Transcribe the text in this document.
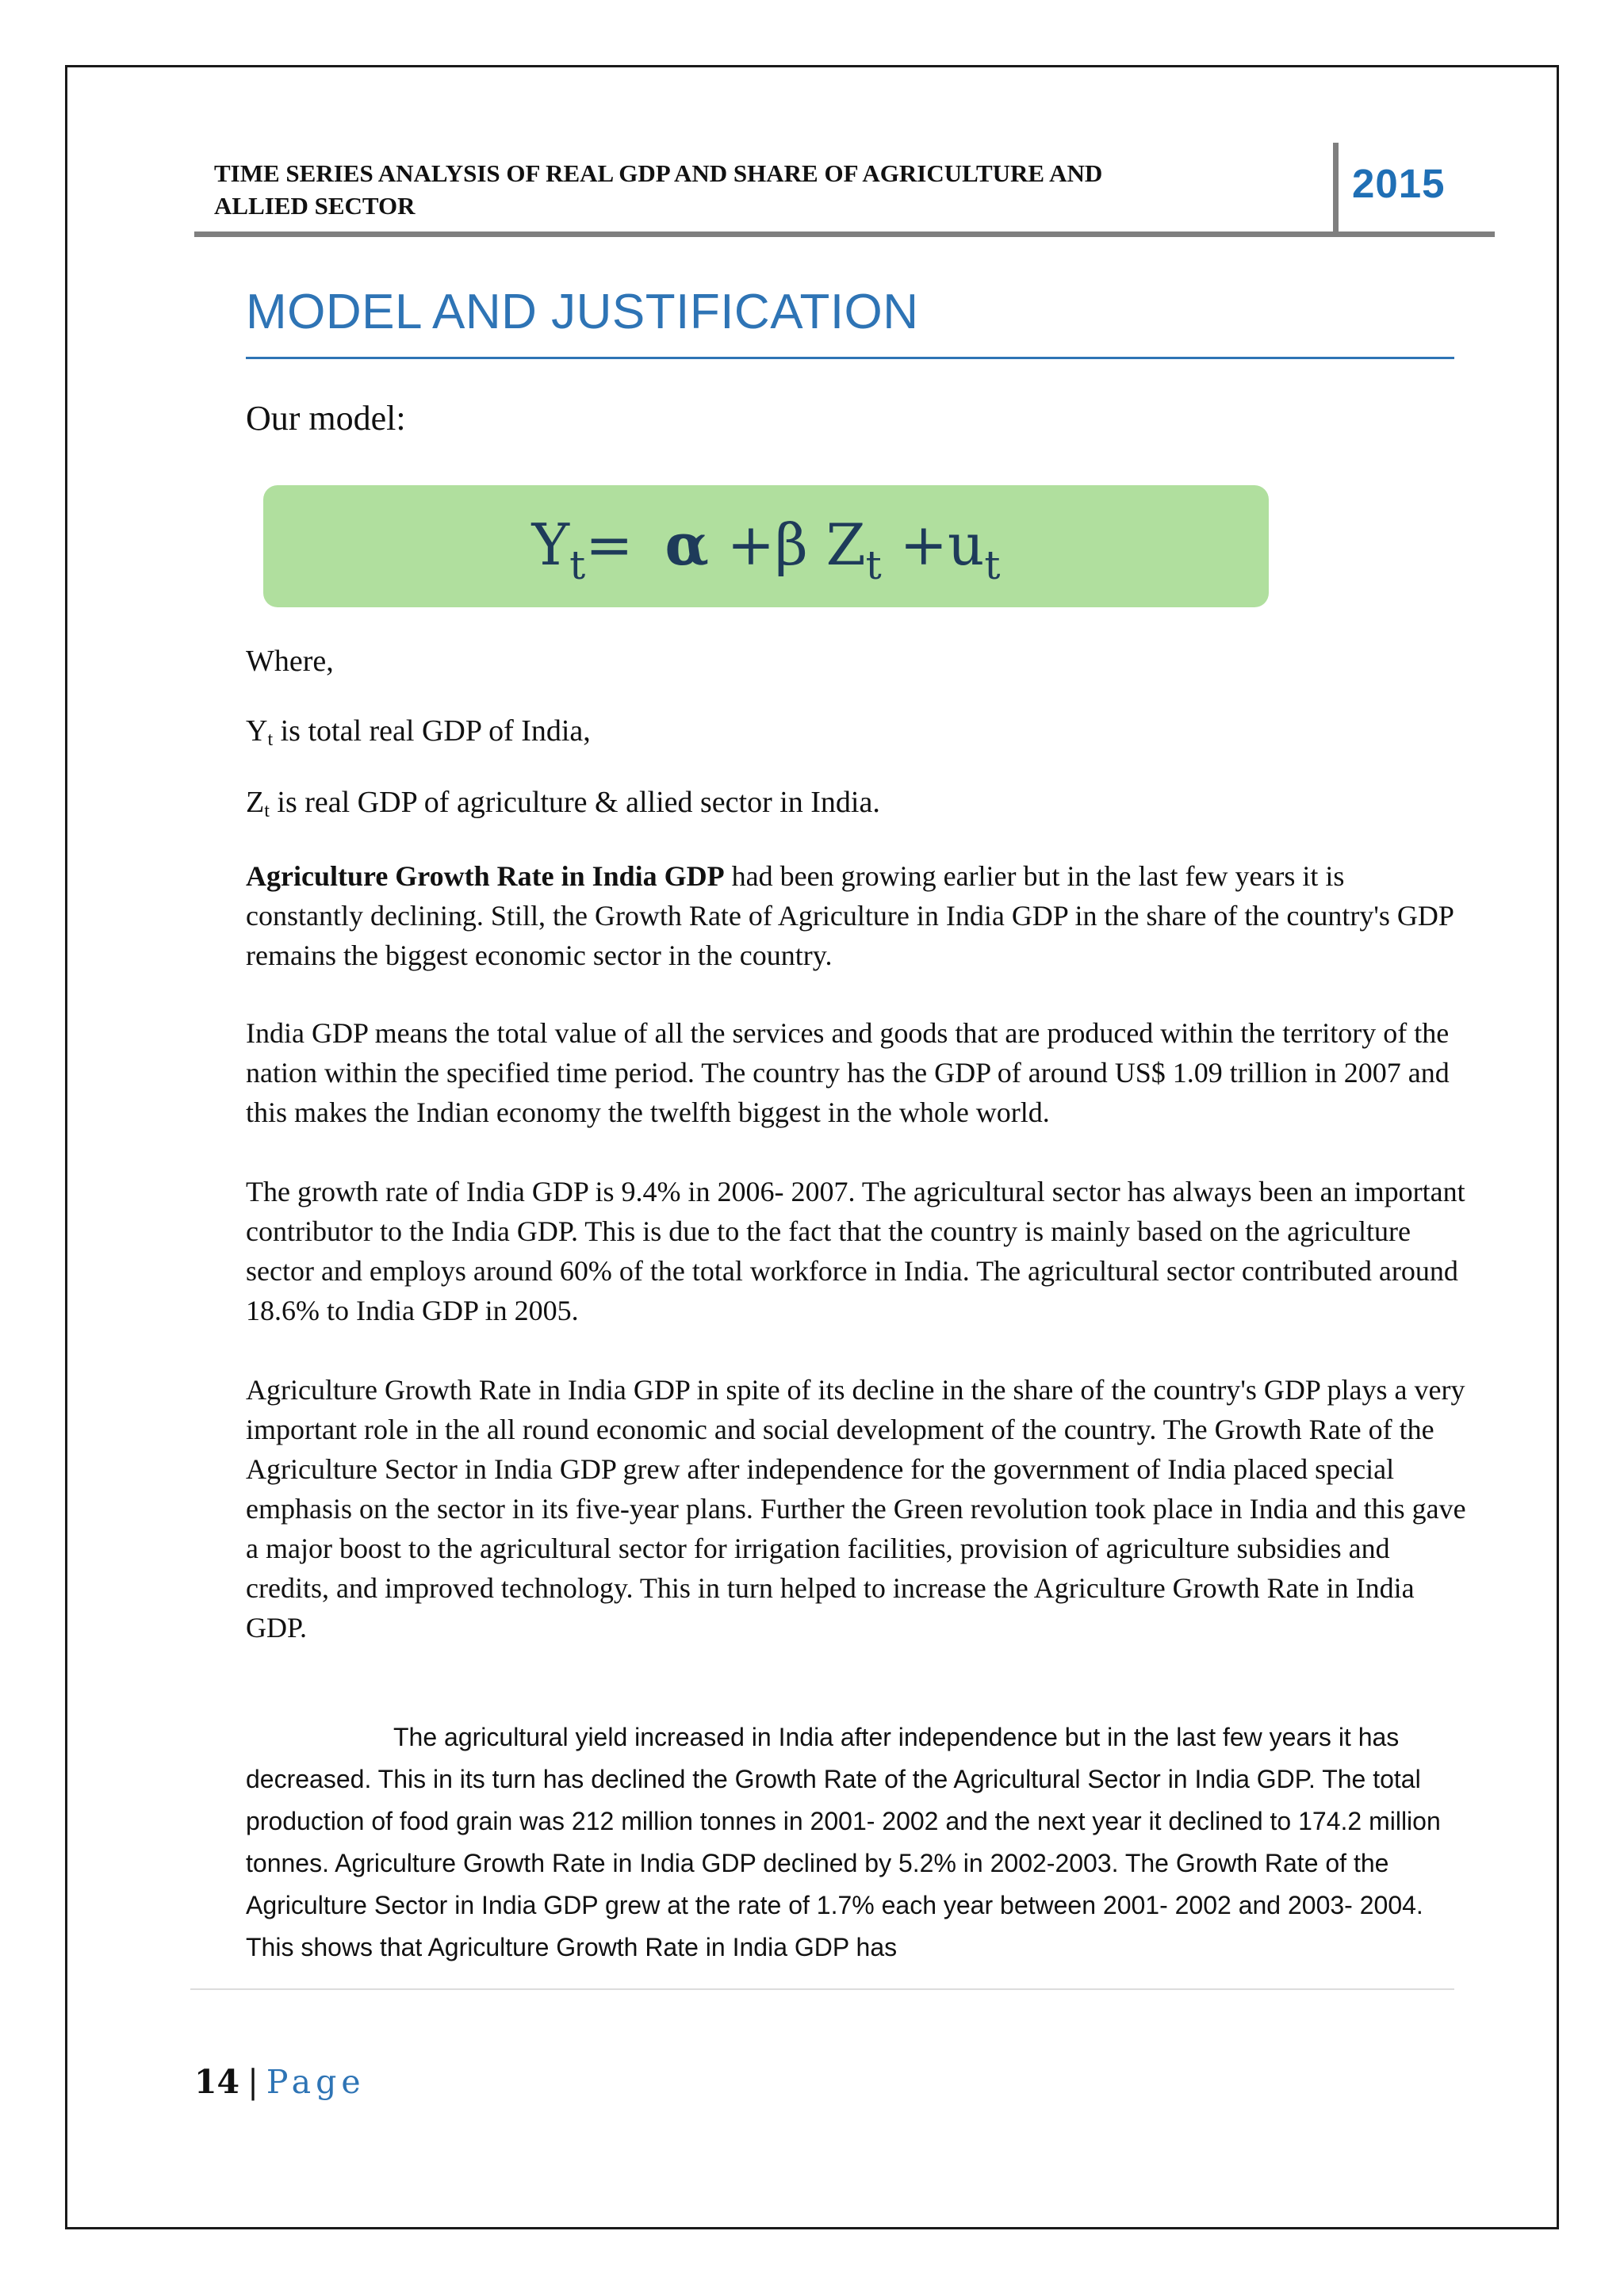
TIME SERIES ANALYSIS OF REAL GDP AND SHARE OF AGRICULTURE AND
ALLIED SECTOR	2015
MODEL AND JUSTIFICATION
Our model:
$Y_t= \alpha +\beta$ $Z_t +u_t$
Where,
$Y_t$ is total real GDP of India,
$Z_t$ is real GDP of agriculture & allied sector in India.
Agriculture Growth Rate in India GDP had been growing earlier but in the last few years it is constantly declining. Still, the Growth Rate of Agriculture in India GDP in the share of the country's GDP remains the biggest economic sector in the country.
India GDP means the total value of all the services and goods that are produced within the territory of the nation within the specified time period. The country has the GDP of around US$ 1.09 trillion in 2007 and this makes the Indian economy the twelfth biggest in the whole world.
The growth rate of India GDP is 9.4% in 2006- 2007. The agricultural sector has always been an important contributor to the India GDP. This is due to the fact that the country is mainly based on the agriculture sector and employs around 60% of the total workforce in India. The agricultural sector contributed around 18.6% to India GDP in 2005.
Agriculture Growth Rate in India GDP in spite of its decline in the share of the country's GDP plays a very important role in the all round economic and social development of the country. The Growth Rate of the Agriculture Sector in India GDP grew after independence for the government of India placed special emphasis on the sector in its five-year plans. Further the Green revolution took place in India and this gave a major boost to the agricultural sector for irrigation facilities, provision of agriculture subsidies and credits, and improved technology. This in turn helped to increase the Agriculture Growth Rate in India GDP.
The agricultural yield increased in India after independence but in the last few years it has decreased. This in its turn has declined the Growth Rate of the Agricultural Sector in India GDP. The total production of food grain was 212 million tonnes in 2001- 2002 and the next year it declined to 174.2 million tonnes. Agriculture Growth Rate in India GDP declined by 5.2% in 2002-2003. The Growth Rate of the Agriculture Sector in India GDP grew at the rate of 1.7% each year between 2001- 2002 and 2003- 2004. This shows that Agriculture Growth Rate in India GDP has
14 | Page
